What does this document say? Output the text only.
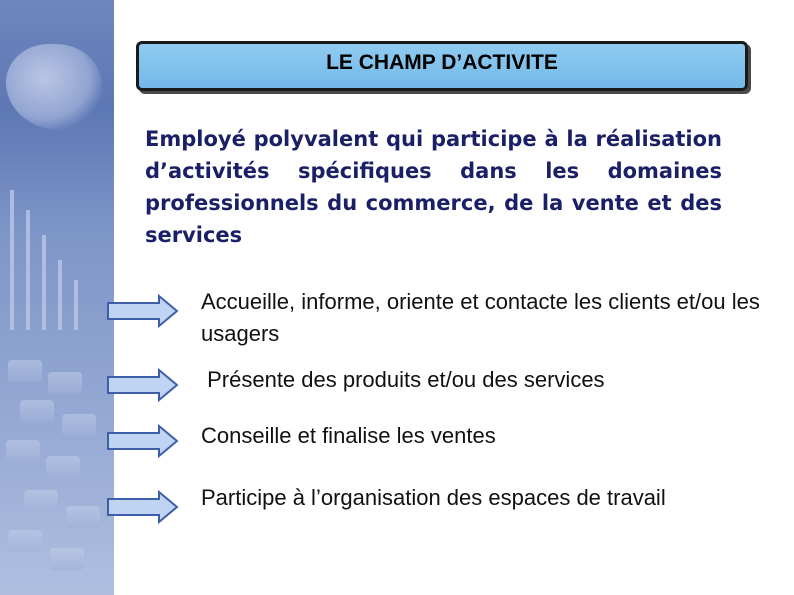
LE CHAMP D’ACTIVITE
Employé polyvalent qui participe à la réalisation d’activités spécifiques dans les domaines professionnels du commerce, de la vente et des services
Accueille, informe, oriente et contacte les clients et/ou les usagers
Présente des produits et/ou des services
Conseille et finalise les ventes
Participe à l’organisation des espaces de travail
